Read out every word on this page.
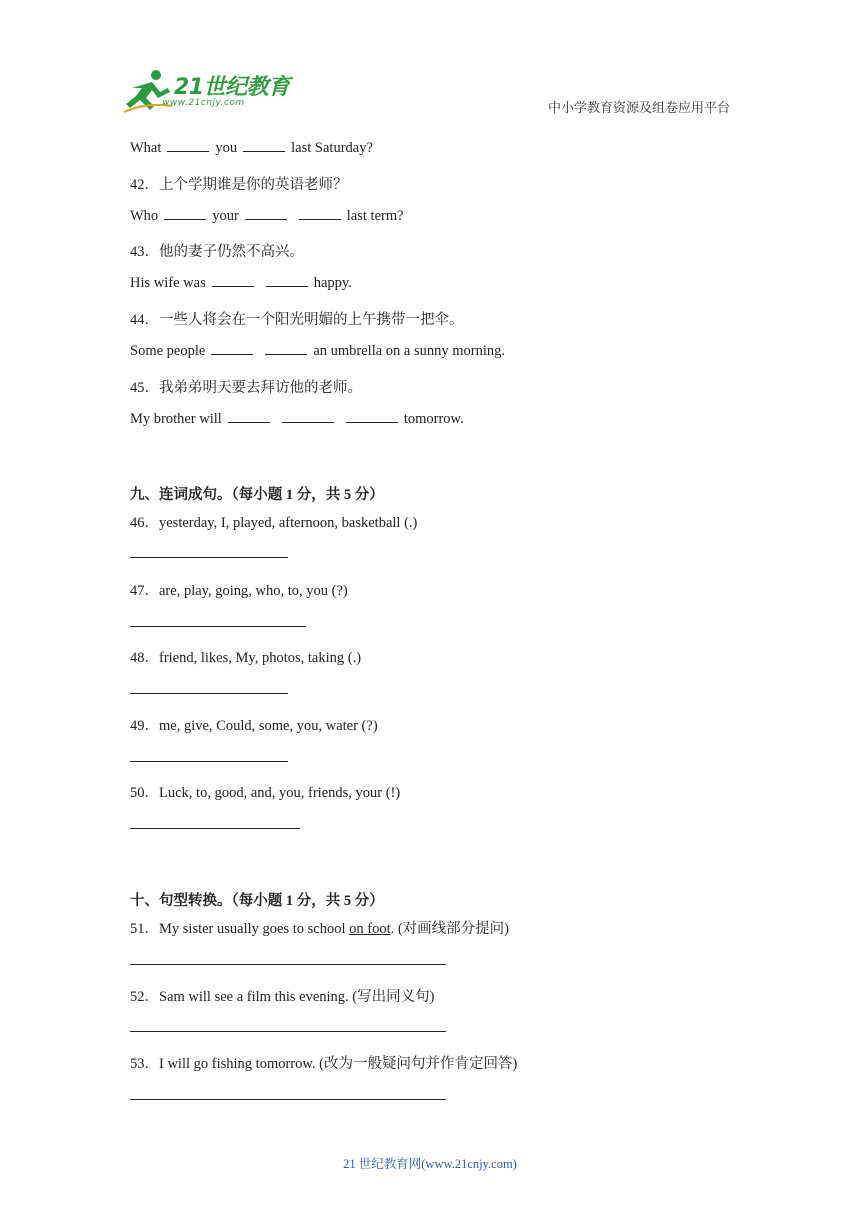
21世纪教育
www.21cnjy.com	中小学教育资源及组卷应用平台
What	you	last Saturday?
42．上个学期谁是你的英语老师？
Who	your	last term?
43．他的妻子仍然不高兴。
His wife was	happy.
44．一些人将会在一个阳光明媚的上午携带一把伞。
Some people	an umbrella on a sunny morning.
45．我弟弟明天要去拜访他的老师。
My brother will	tomorrow.
九、连词成句。（每小题 1 分，共 5 分）
46．yesterday, I, played, afternoon, basketball (.)
47．are, play, going, who, to, you (?)
48．friend, likes, My, photos, taking (.)
49．me, give, Could, some, you, water (?)
50．Luck, to, good, and, you, friends, your (!)
十、句型转换。（每小题 1 分，共 5 分）
51．My sister usually goes to school on foot. (对画线部分提问)
52．Sam will see a film this evening. (写出同义句)
53．I will go fishing tomorrow. (改为一般疑问句并作肯定回答)
21 世纪教育网(www.21cnjy.com)
